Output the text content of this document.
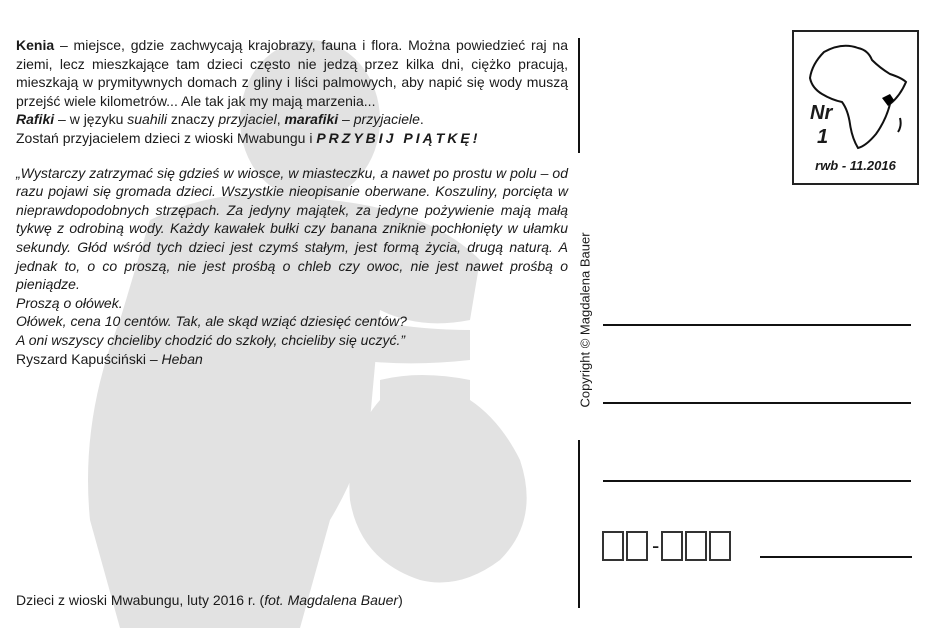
Kenia – miejsce, gdzie zachwycają krajobrazy, fauna i flora. Można powiedzieć raj na ziemi, lecz mieszkające tam dzieci często nie jedzą przez kilka dni, ciężko pracują, mieszkają w prymitywnych domach z gliny i liści palmowych, aby napić się wody muszą przejść wiele kilometrów... Ale tak jak my mają marzenia...

Rafiki – w języku suahili znaczy przyjaciel, marafiki – przyjaciele.

Zostań przyjacielem dzieci z wioski Mwabungu i PRZYBIJ PIĄTKĘ!

„Wystarczy zatrzymać się gdzieś w wiosce, w miasteczku, a nawet po prostu w polu – od razu pojawi się gromada dzieci. Wszystkie nieopisanie oberwane. Koszuliny, porcięta w nieprawdopodobnych strzępach. Za jedyny majątek, za jedyne pożywienie mają małą tykwę z odrobiną wody. Każdy kawałek bułki czy banana zniknie pochłonięty w ułamku sekundy. Głód wśród tych dzieci jest czymś stałym, jest formą życia, drugą naturą. A jednak to, o co proszą, nie jest prośbą o chleb czy owoc, nie jest nawet prośbą o pieniądze.

Proszą o ołówek.

Ołówek, cena 10 centów. Tak, ale skąd wziąć dziesięć centów?

A oni wszyscy chcieliby chodzić do szkoły, chcieliby się uczyć.”

Ryszard Kapuściński – Heban

Dzieci z wioski Mwabungu, luty 2016 r. (fot. Magdalena Bauer)
Copyright © Magdalena Bauer
Nr
1
rwb - 11.2016
-
